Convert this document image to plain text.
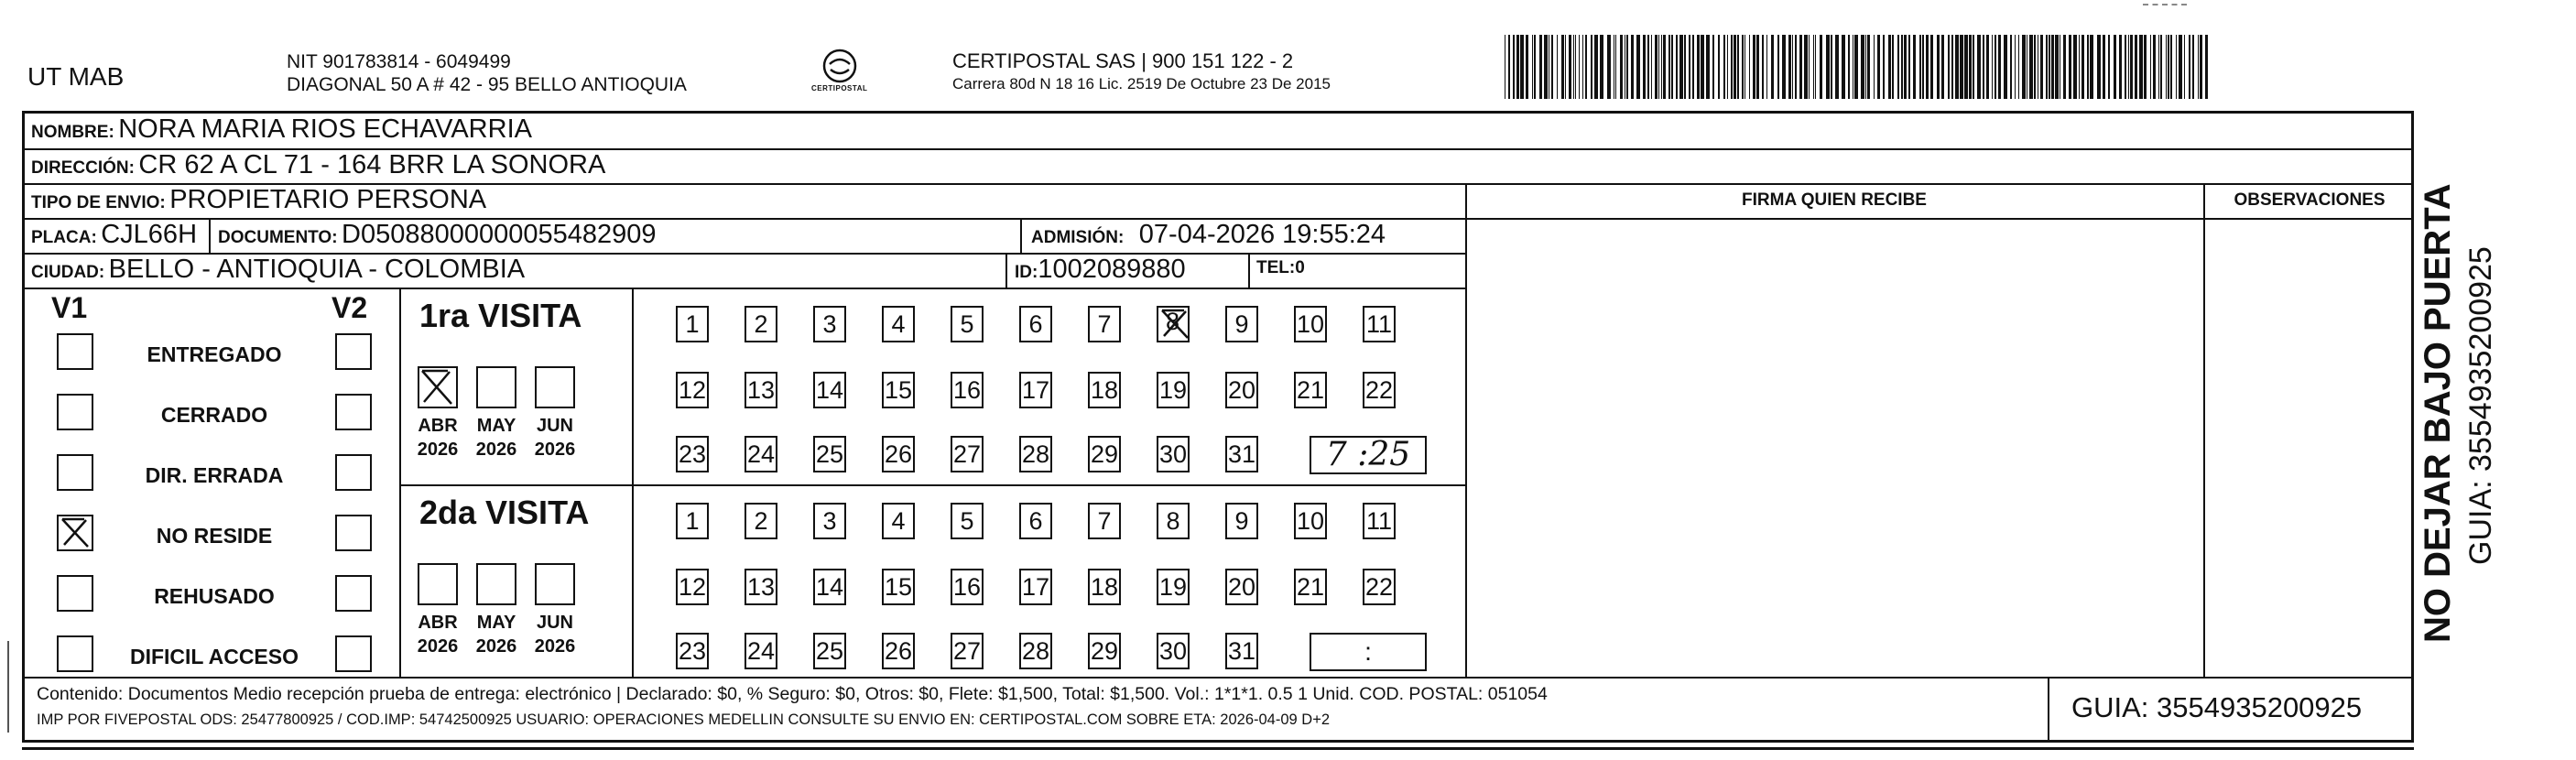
UT MAB
NIT 901783814 - 6049499
DIAGONAL 50 A # 42 - 95 BELLO ANTIOQUIA	CERTIPOSTAL
CERTIPOSTAL SAS | 900 151 122 - 2
Carrera 80d N 18 16 Lic. 2519 De Octubre 23 De 2015
NOMBRE: NORA MARIA RIOS ECHAVARRIA
DIRECCIÓN: CR 62 A CL 71 - 164 BRR LA SONORA
TIPO DE ENVIO: PROPIETARIO PERSONA	FIRMA QUIEN RECIBE	OBSERVACIONES
PLACA: CJL66H DOCUMENTO: D05088000000055482909	ADMISIÓN: 07-04-2026 19:55:24
CIUDAD: BELLO - ANTIOQUIA - COLOMBIA	ID:1002089880	TEL:0
V1	V2
ENTREGADO
CERRADO
DIR. ERRADA
NO RESIDE
REHUSADO
DIFICIL ACCESO
1ra VISITA
ABR
2026
MAY
2026
JUN
2026
1	2	3	4	5	6	7	8	9	10 11
12 13 14 15 16 17 18 19 20 21 22
23 24 25 26 27 28 29 30 31	7 :25
2da VISITA
ABR
2026
MAY
2026
JUN
2026
1	2	3	4	5	6	7	8	9	10 11
12 13 14 15 16 17 18 19 20 21 22
23 24 25 26 27 28 29 30 31	:
Contenido: Documentos Medio recepción prueba de entrega: electrónico | Declarado: $0, % Seguro: $0, Otros: $0, Flete: $1,500, Total: $1,500. Vol.: 1*1*1. 0.5 1 Unid. COD. POSTAL: 051054
IMP POR FIVEPOSTAL ODS: 25477800925 / COD.IMP: 54742500925 USUARIO: OPERACIONES MEDELLIN CONSULTE SU ENVIO EN: CERTIPOSTAL.COM SOBRE ETA: 2026-04-09 D+2	GUIA: 3554935200925
NO DEJAR BAJO PUERTA GUIA: 3554935200925
